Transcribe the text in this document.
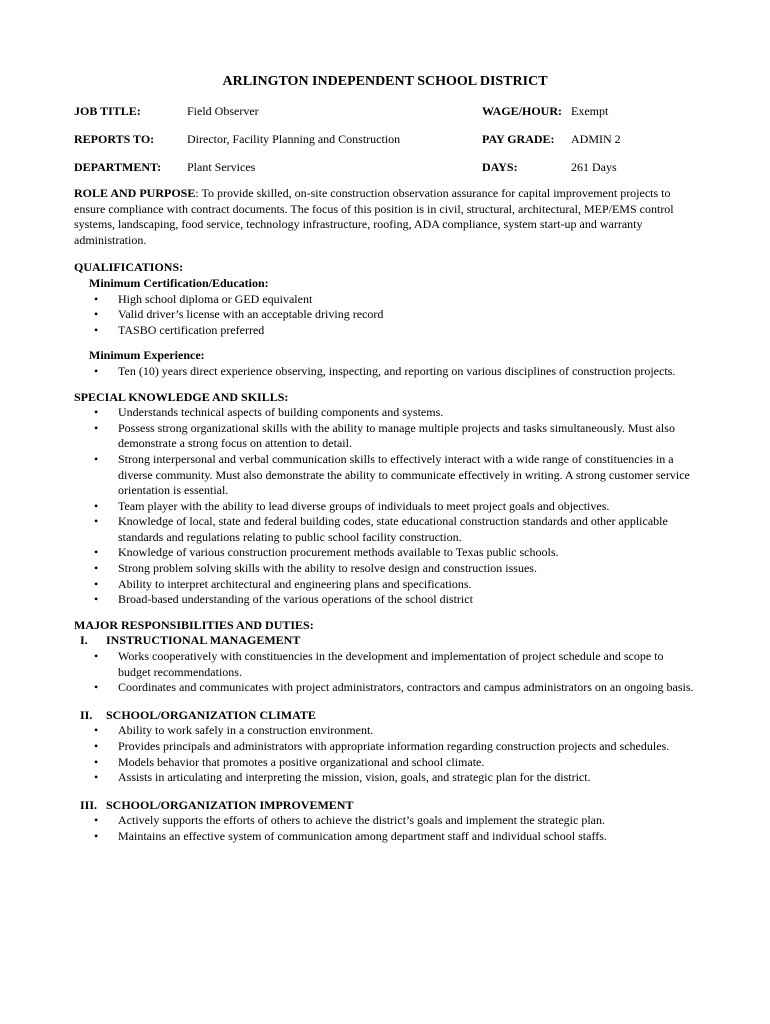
ARLINGTON INDEPENDENT SCHOOL DISTRICT
JOB TITLE:	Field Observer	WAGE/HOUR: Exempt
REPORTS TO:	Director, Facility Planning and Construction	PAY GRADE: ADMIN 2
DEPARTMENT: Plant Services	DAYS:	261 Days

ROLE AND PURPOSE: To provide skilled, on-site construction observation assurance for capital improvement projects to ensure compliance with contract documents. The focus of this position is in civil, structural, architectural, MEP/EMS control systems, landscaping, food service, technology infrastructure, roofing, ADA compliance, system start-up and warranty administration.

QUALIFICATIONS:

Minimum Certification/Education:

• High school diploma or GED equivalent
• Valid driver’s license with an acceptable driving record
• TASBO certification preferred

Minimum Experience:

• Ten (10) years direct experience observing, inspecting, and reporting on various disciplines of construction projects.

SPECIAL KNOWLEDGE AND SKILLS:

• Understands technical aspects of building components and systems.
• Possess strong organizational skills with the ability to manage multiple projects and tasks simultaneously. Must also demonstrate a strong focus on attention to detail.
• Strong interpersonal and verbal communication skills to effectively interact with a wide range of constituencies in a diverse community. Must also demonstrate the ability to communicate effectively in writing. A strong customer service orientation is essential.
• Team player with the ability to lead diverse groups of individuals to meet project goals and objectives.
• Knowledge of local, state and federal building codes, state educational construction standards and other applicable standards and regulations relating to public school facility construction.
• Knowledge of various construction procurement methods available to Texas public schools.
• Strong problem solving skills with the ability to resolve design and construction issues.
• Ability to interpret architectural and engineering plans and specifications.
• Broad-based understanding of the various operations of the school district

MAJOR RESPONSIBILITIES AND DUTIES:

I. INSTRUCTIONAL MANAGEMENT

• Works cooperatively with constituencies in the development and implementation of project schedule and scope to budget recommendations.
• Coordinates and communicates with project administrators, contractors and campus administrators on an ongoing basis.

II. SCHOOL/ORGANIZATION CLIMATE

• Ability to work safely in a construction environment.
• Provides principals and administrators with appropriate information regarding construction projects and schedules.
• Models behavior that promotes a positive organizational and school climate.
• Assists in articulating and interpreting the mission, vision, goals, and strategic plan for the district.

III. SCHOOL/ORGANIZATION IMPROVEMENT

• Actively supports the efforts of others to achieve the district’s goals and implement the strategic plan.
• Maintains an effective system of communication among department staff and individual school staffs.
